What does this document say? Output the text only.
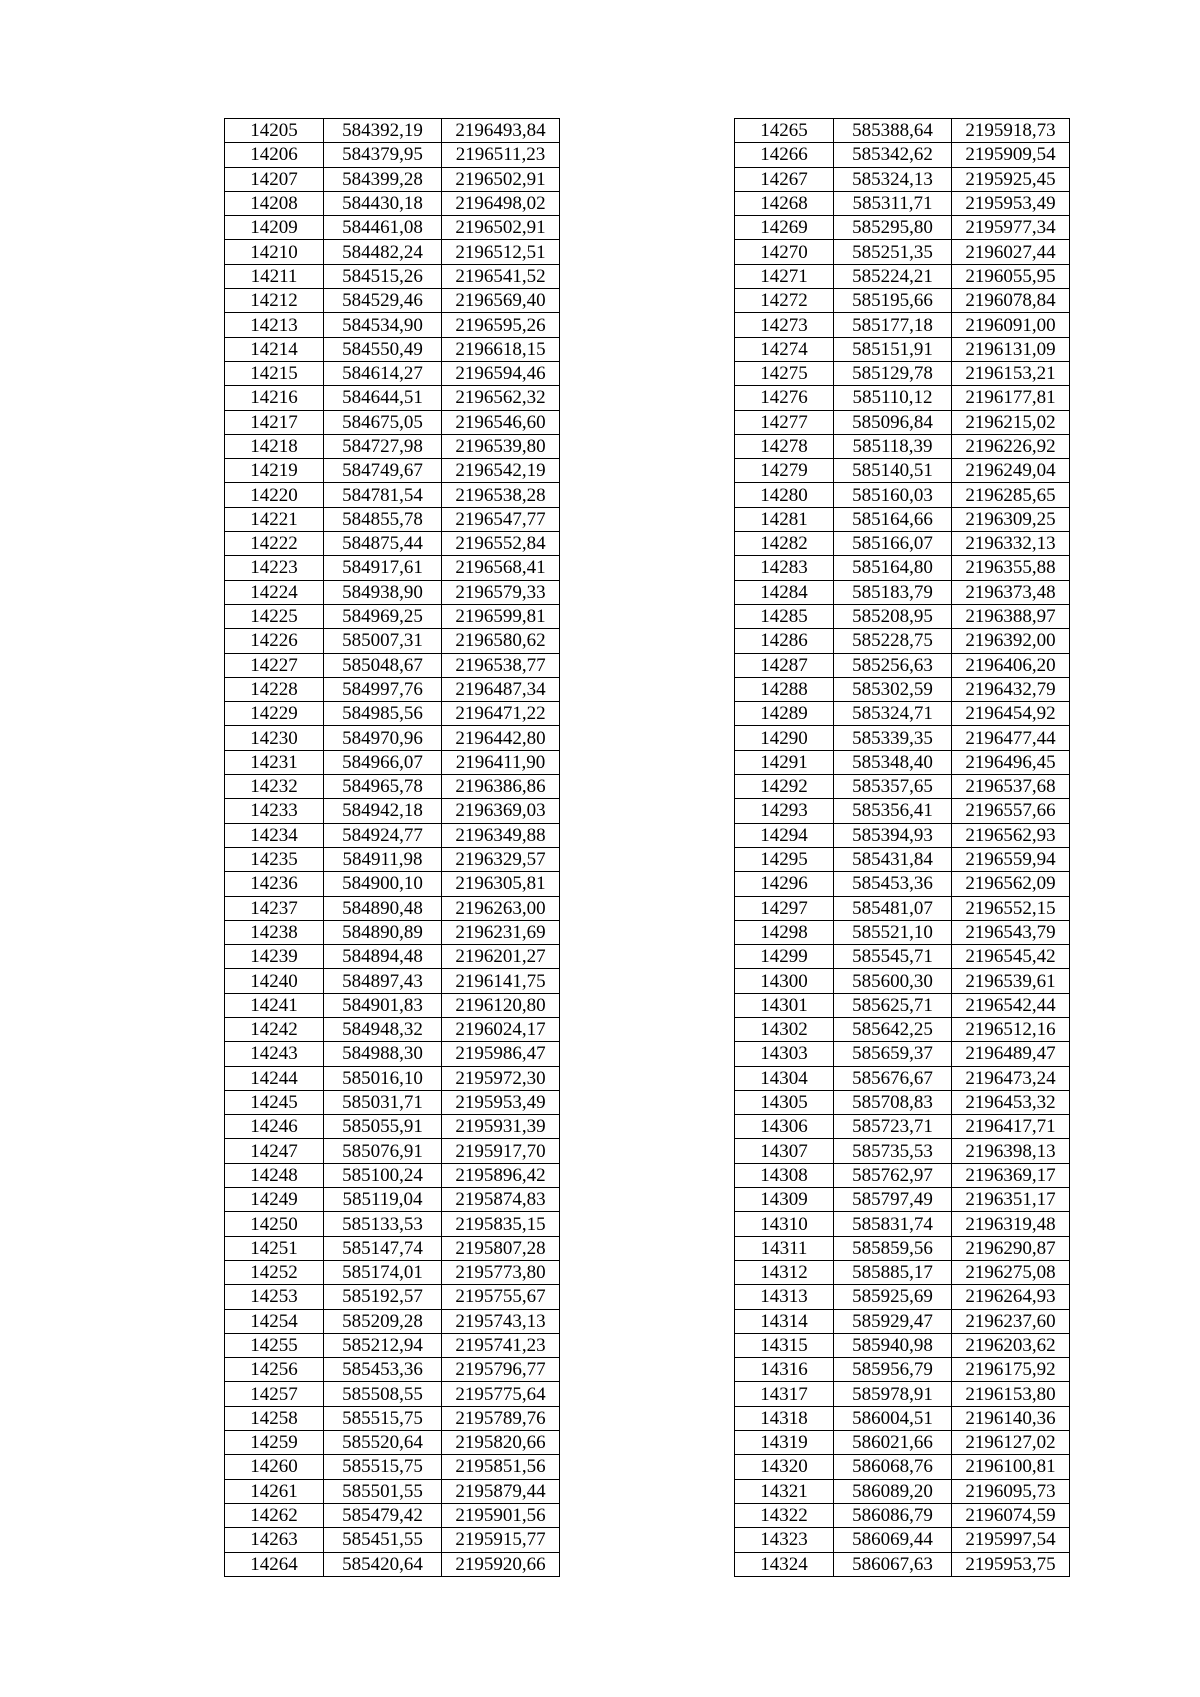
14205	584392,19	2196493,84
14206	584379,95	2196511,23
14207	584399,28	2196502,91
14208	584430,18	2196498,02
14209	584461,08	2196502,91
14210	584482,24	2196512,51
14211	584515,26	2196541,52
14212	584529,46	2196569,40
14213	584534,90	2196595,26
14214	584550,49	2196618,15
14215	584614,27	2196594,46
14216	584644,51	2196562,32
14217	584675,05	2196546,60
14218	584727,98	2196539,80
14219	584749,67	2196542,19
14220	584781,54	2196538,28
14221	584855,78	2196547,77
14222	584875,44	2196552,84
14223	584917,61	2196568,41
14224	584938,90	2196579,33
14225	584969,25	2196599,81
14226	585007,31	2196580,62
14227	585048,67	2196538,77
14228	584997,76	2196487,34
14229	584985,56	2196471,22
14230	584970,96	2196442,80
14231	584966,07	2196411,90
14232	584965,78	2196386,86
14233	584942,18	2196369,03
14234	584924,77	2196349,88
14235	584911,98	2196329,57
14236	584900,10	2196305,81
14237	584890,48	2196263,00
14238	584890,89	2196231,69
14239	584894,48	2196201,27
14240	584897,43	2196141,75
14241	584901,83	2196120,80
14242	584948,32	2196024,17
14243	584988,30	2195986,47
14244	585016,10	2195972,30
14245	585031,71	2195953,49
14246	585055,91	2195931,39
14247	585076,91	2195917,70
14248	585100,24	2195896,42
14249	585119,04	2195874,83
14250	585133,53	2195835,15
14251	585147,74	2195807,28
14252	585174,01	2195773,80
14253	585192,57	2195755,67
14254	585209,28	2195743,13
14255	585212,94	2195741,23
14256	585453,36	2195796,77
14257	585508,55	2195775,64
14258	585515,75	2195789,76
14259	585520,64	2195820,66
14260	585515,75	2195851,56
14261	585501,55	2195879,44
14262	585479,42	2195901,56
14263	585451,55	2195915,77
14264	585420,64	2195920,66
14265	585388,64	2195918,73
14266	585342,62	2195909,54
14267	585324,13	2195925,45
14268	585311,71	2195953,49
14269	585295,80	2195977,34
14270	585251,35	2196027,44
14271	585224,21	2196055,95
14272	585195,66	2196078,84
14273	585177,18	2196091,00
14274	585151,91	2196131,09
14275	585129,78	2196153,21
14276	585110,12	2196177,81
14277	585096,84	2196215,02
14278	585118,39	2196226,92
14279	585140,51	2196249,04
14280	585160,03	2196285,65
14281	585164,66	2196309,25
14282	585166,07	2196332,13
14283	585164,80	2196355,88
14284	585183,79	2196373,48
14285	585208,95	2196388,97
14286	585228,75	2196392,00
14287	585256,63	2196406,20
14288	585302,59	2196432,79
14289	585324,71	2196454,92
14290	585339,35	2196477,44
14291	585348,40	2196496,45
14292	585357,65	2196537,68
14293	585356,41	2196557,66
14294	585394,93	2196562,93
14295	585431,84	2196559,94
14296	585453,36	2196562,09
14297	585481,07	2196552,15
14298	585521,10	2196543,79
14299	585545,71	2196545,42
14300	585600,30	2196539,61
14301	585625,71	2196542,44
14302	585642,25	2196512,16
14303	585659,37	2196489,47
14304	585676,67	2196473,24
14305	585708,83	2196453,32
14306	585723,71	2196417,71
14307	585735,53	2196398,13
14308	585762,97	2196369,17
14309	585797,49	2196351,17
14310	585831,74	2196319,48
14311	585859,56	2196290,87
14312	585885,17	2196275,08
14313	585925,69	2196264,93
14314	585929,47	2196237,60
14315	585940,98	2196203,62
14316	585956,79	2196175,92
14317	585978,91	2196153,80
14318	586004,51	2196140,36
14319	586021,66	2196127,02
14320	586068,76	2196100,81
14321	586089,20	2196095,73
14322	586086,79	2196074,59
14323	586069,44	2195997,54
14324	586067,63	2195953,75
